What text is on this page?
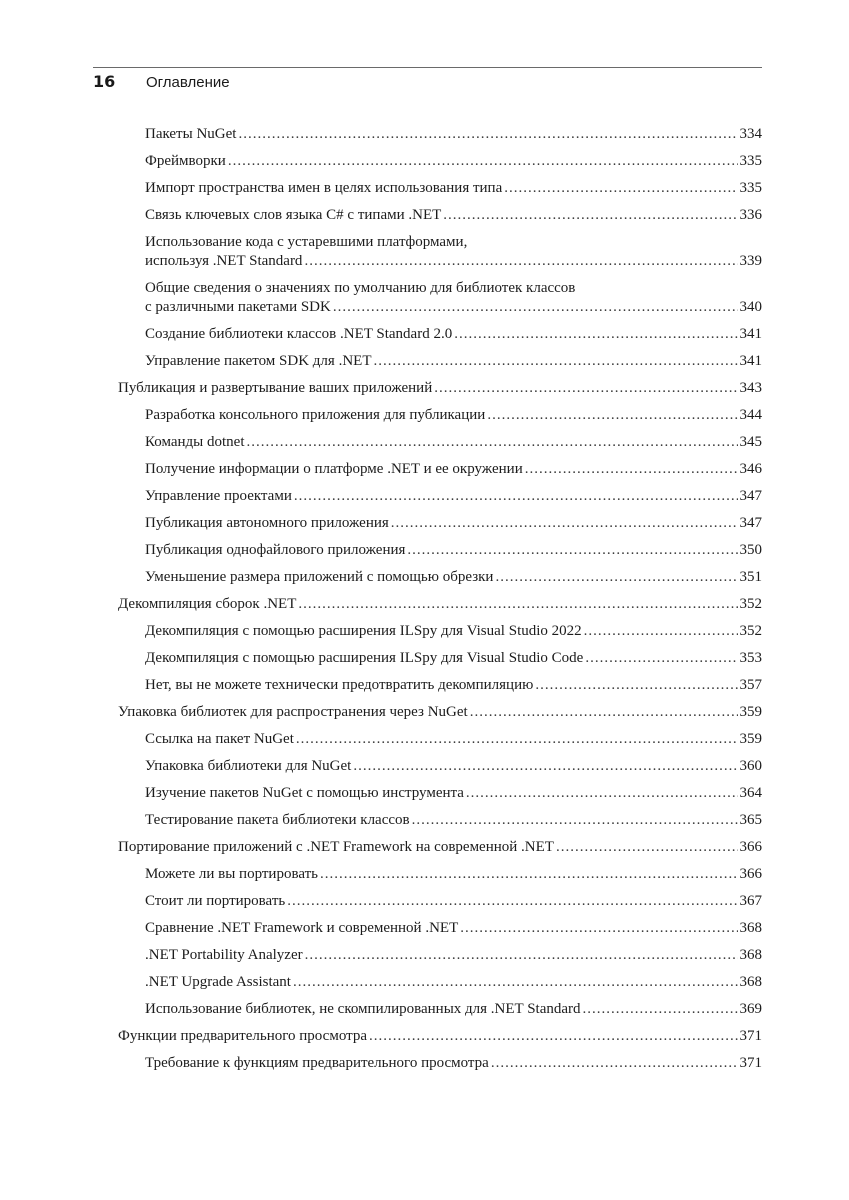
16	Оглавление
Пакеты NuGet .....	334
Фреймворки .....	335
Импорт пространства имен в целях использования типа .....	335
Связь ключевых слов языка C# с типами .NET .....	336
Использование кода с устаревшими платформами,
используя .NET Standard .....	339
Общие сведения о значениях по умолчанию для библиотек классов
с различными пакетами SDK .....	340
Создание библиотеки классов .NET Standard 2.0 .....	341
Управление пакетом SDK для .NET .....	341
Публикация и развертывание ваших приложений .....	343
Разработка консольного приложения для публикации .....	344
Команды dotnet .....	345
Получение информации о платформе .NET и ее окружении .....	346
Управление проектами .....	347
Публикация автономного приложения .....	347
Публикация однофайлового приложения .....	350
Уменьшение размера приложений с помощью обрезки .....	351
Декомпиляция сборок .NET .....	352
Декомпиляция с помощью расширения ILSpy для Visual Studio 2022 .....	352
Декомпиляция с помощью расширения ILSpy для Visual Studio Code .....	353
Нет, вы не можете технически предотвратить декомпиляцию .....	357
Упаковка библиотек для распространения через NuGet .....	359
Ссылка на пакет NuGet .....	359
Упаковка библиотеки для NuGet .....	360
Изучение пакетов NuGet с помощью инструмента .....	364
Тестирование пакета библиотеки классов .....	365
Портирование приложений с .NET Framework на современной .NET .....	366
Можете ли вы портировать .....	366
Стоит ли портировать .....	367
Сравнение .NET Framework и современной .NET .....	368
.NET Portability Analyzer .....	368
.NET Upgrade Assistant .....	368
Использование библиотек, не скомпилированных для .NET Standard .....	369
Функции предварительного просмотра .....	371
Требование к функциям предварительного просмотра .....	371
